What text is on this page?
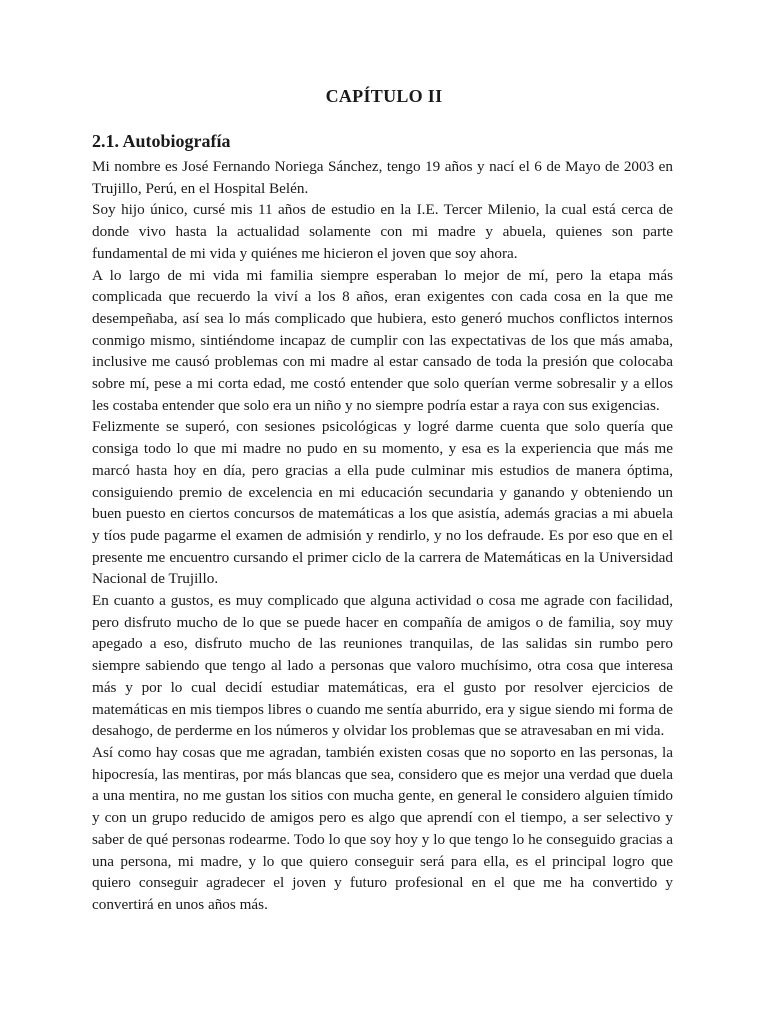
CAPÍTULO II
2.1. Autobiografía

Mi nombre es José Fernando Noriega Sánchez, tengo 19 años y nací el 6 de Mayo de 2003 en Trujillo, Perú, en el Hospital Belén.

Soy hijo único, cursé mis 11 años de estudio en la I.E. Tercer Milenio, la cual está cerca de donde vivo hasta la actualidad solamente con mi madre y abuela, quienes son parte fundamental de mi vida y quiénes me hicieron el joven que soy ahora.

A lo largo de mi vida mi familia siempre esperaban lo mejor de mí, pero la etapa más complicada que recuerdo la viví a los 8 años, eran exigentes con cada cosa en la que me desempeñaba, así sea lo más complicado que hubiera, esto generó muchos conflictos internos conmigo mismo, sintiéndome incapaz de cumplir con las expectativas de los que más amaba, inclusive me causó problemas con mi madre al estar cansado de toda la presión que colocaba sobre mí, pese a mi corta edad, me costó entender que solo querían verme sobresalir y a ellos les costaba entender que solo era un niño y no siempre podría estar a raya con sus exigencias.

Felizmente se superó, con sesiones psicológicas y logré darme cuenta que solo quería que consiga todo lo que mi madre no pudo en su momento, y esa es la experiencia que más me marcó hasta hoy en día, pero gracias a ella pude culminar mis estudios de manera óptima, consiguiendo premio de excelencia en mi educación secundaria y ganando y obteniendo un buen puesto en ciertos concursos de matemáticas a los que asistía, además gracias a mi abuela y tíos pude pagarme el examen de admisión y rendirlo, y no los defraude. Es por eso que en el presente me encuentro cursando el primer ciclo de la carrera de Matemáticas en la Universidad Nacional de Trujillo.

En cuanto a gustos, es muy complicado que alguna actividad o cosa me agrade con facilidad, pero disfruto mucho de lo que se puede hacer en compañía de amigos o de familia, soy muy apegado a eso, disfruto mucho de las reuniones tranquilas, de las salidas sin rumbo pero siempre sabiendo que tengo al lado a personas que valoro muchísimo, otra cosa que interesa más y por lo cual decidí estudiar matemáticas, era el gusto por resolver ejercicios de matemáticas en mis tiempos libres o cuando me sentía aburrido, era y sigue siendo mi forma de desahogo, de perderme en los números y olvidar los problemas que se atravesaban en mi vida.

Así como hay cosas que me agradan, también existen cosas que no soporto en las personas, la hipocresía, las mentiras, por más blancas que sea, considero que es mejor una verdad que duela a una mentira, no me gustan los sitios con mucha gente, en general le considero alguien tímido y con un grupo reducido de amigos pero es algo que aprendí con el tiempo, a ser selectivo y saber de qué personas rodearme. Todo lo que soy hoy y lo que tengo lo he conseguido gracias a una persona, mi madre, y lo que quiero conseguir será para ella, es el principal logro que quiero conseguir agradecer el joven y futuro profesional en el que me ha convertido y convertirá en unos años más.
